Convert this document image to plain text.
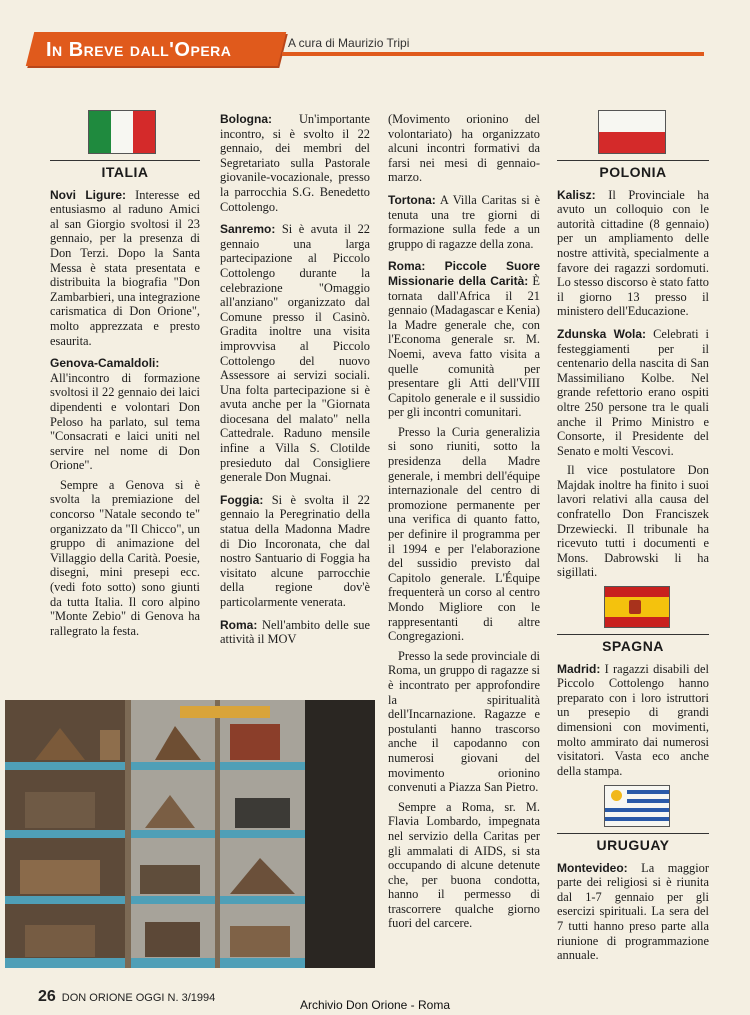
In Breve dall'Opera	A cura di Maurizio Tripi
ITALIA

Novi Ligure: Interesse ed entusiasmo al raduno Amici al san Giorgio svoltosi il 23 gennaio, per la presenza di Don Terzi. Dopo la Santa Messa è stata presentata e distribuita la biografia "Don Zambarbieri, una integrazione carismatica di Don Orione", molto apprezzata e presto esaurita.

Genova-Camaldoli: All'incontro di formazione svoltosi il 22 gennaio dei laici dipendenti e volontari Don Peloso ha parlato, sul tema "Consacrati e laici uniti nel servire nel nome di Don Orione".

Sempre a Genova si è svolta la premiazione del concorso "Natale secondo te" organizzato da "Il Chicco", un gruppo di animazione del Villaggio della Carità. Poesie, disegni, mini presepi ecc. (vedi foto sotto) sono giunti da tutta Italia. Il coro alpino "Monte Zebio" di Genova ha rallegrato la festa.

Bologna: Un'importante incontro, si è svolto il 22 gennaio, dei membri del Segretariato sulla Pastorale giovanile-vocazionale, presso la parrocchia S.G. Benedetto Cottolengo.

Sanremo: Si è avuta il 22 gennaio una larga partecipazione al Piccolo Cottolengo durante la celebrazione "Omaggio all'anziano" organizzato dal Comune presso il Casinò. Gradita inoltre una visita improvvisa al Piccolo Cottolengo del nuovo Assessore ai servizi sociali. Una folta partecipazione si è avuta anche per la "Giornata diocesana del malato" nella Cattedrale. Raduno mensile infine a Villa S. Clotilde presieduto dal Consigliere generale Don Mugnai.

Foggia: Si è svolta il 22 gennaio la Peregrinatio della statua della Madonna Madre di Dio Incoronata, che dal nostro Santuario di Foggia ha visitato alcune parrocchie della regione dov'è particolarmente venerata.

Roma: Nell'ambito delle sue attività il MOV

(Movimento orionino del volontariato) ha organizzato alcuni incontri formativi da farsi nei mesi di gennaio-marzo.

Tortona: A Villa Caritas si è tenuta una tre giorni di formazione sulla fede a un gruppo di ragazze della zona.

Roma: Piccole Suore Missionarie della Carità: È tornata dall'Africa il 21 gennaio (Madagascar e Kenia) la Madre generale che, con l'Economa generale sr. M. Noemi, aveva fatto visita a quelle comunità per presentare gli Atti dell'VIII Capitolo generale e il sussidio per gli incontri comunitari.

Presso la Curia generalizia si sono riuniti, sotto la presidenza della Madre generale, i membri dell'équipe internazionale del centro di promozione permanente per una verifica di quanto fatto, per definire il programma per il 1994 e per l'elaborazione del sussidio previsto dal Capitolo generale. L'Équipe frequenterà un corso al centro Mondo Migliore con le rappresentanti di altre Congregazioni.

Presso la sede provinciale di Roma, un gruppo di ragazze si è incontrato per approfondire la spiritualità dell'Incarnazione. Ragazze e postulanti hanno trascorso anche il capodanno con numerosi giovani del movimento orionino convenuti a Piazza San Pietro.

Sempre a Roma, sr. M. Flavia Lombardo, impegnata nel servizio della Caritas per gli ammalati di AIDS, si sta occupando di alcune detenute che, per buona condotta, hanno il permesso di trascorrere qualche giorno fuori del carcere.

POLONIA

Kalisz: Il Provinciale ha avuto un colloquio con le autorità cittadine (8 gennaio) per un ampliamento delle nostre attività, specialmente a favore dei ragazzi sordomuti. Lo stesso discorso è stato fatto il giorno 13 presso il ministero dell'Educazione.

Zdunska Wola: Celebrati i festeggiamenti per il centenario della nascita di San Massimiliano Kolbe. Nel grande refettorio erano ospiti oltre 250 persone tra le quali anche il Primo Ministro e Consorte, il Presidente del Senato e molti Vescovi.

Il vice postulatore Don Majdak inoltre ha finito i suoi lavori relativi alla causa del confratello Don Franciszek Drzewiecki. Il tribunale ha ricevuto tutti i documenti e Mons. Dabrowski li ha sigillati.

SPAGNA

Madrid: I ragazzi disabili del Piccolo Cottolengo hanno preparato con i loro istruttori un presepio di grandi dimensioni con movimenti, molto ammirato dai numerosi visitatori. Vasta eco anche della stampa.

URUGUAY

Montevideo: La maggior parte dei religiosi si è riunita dal 1-7 gennaio per gli esercizi spirituali. La sera del 7 tutti hanno preso parte alla riunione di programmazione annuale.

26 DON ORIONE OGGI N. 3/1994	Archivio Don Orione - Roma
